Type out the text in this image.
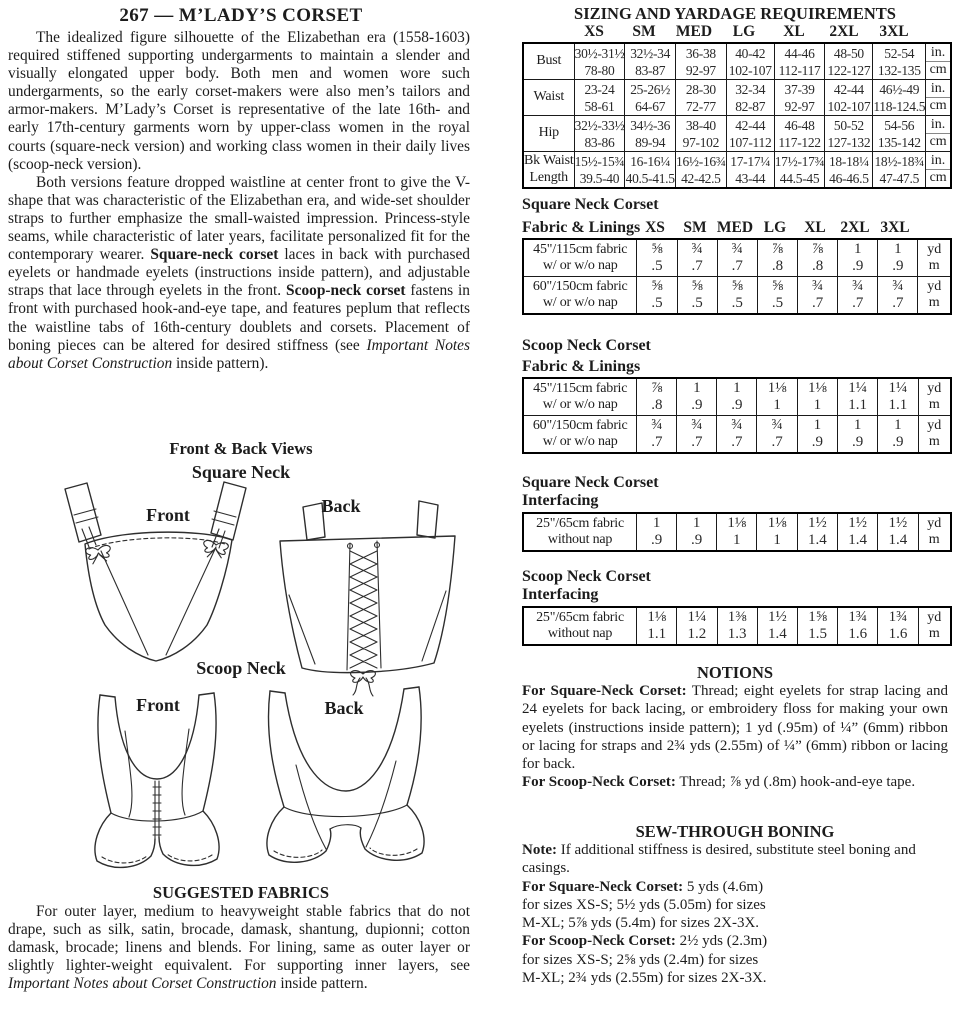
267 — M’LADY’S CORSET

The idealized figure silhouette of the Elizabethan era (1558-1603) required stiffened supporting undergarments to maintain a slender and visually elongated upper body. Both men and women wore such undergarments, so the early corset-makers were also men’s tailors and armor-makers. M’Lady’s Corset is representative of the late 16th- and early 17th-century garments worn by upper-class women in the royal courts (square-neck version) and working class women in their daily lives (scoop-neck version).

Both versions feature dropped waistline at center front to give the V-shape that was characteristic of the Elizabethan era, and wide-set shoulder straps to further emphasize the small-waisted impression. Princess-style seams, while characteristic of later years, facilitate personalized fit for the contemporary wearer. Square-neck corset laces in back with purchased eyelets or handmade eyelets (instructions inside pattern), and adjustable straps that lace through eyelets in the front. Scoop-neck corset fastens in front with purchased hook-and-eye tape, and features peplum that reflects the waistline tabs of 16th-century doublets and corsets. Placement of boning pieces can be altered for desired stiffness (see Important Notes about Corset Construction inside pattern).

Front & Back Views
Square Neck
Front	Back
Scoop Neck
Front	Back
SUGGESTED FABRICS

For outer layer, medium to heavyweight stable fabrics that do not drape, such as silk, satin, brocade, damask, shantung, dupionni; cotton damask, brocade; linens and blends. For lining, same as outer layer or slightly lighter-weight equivalent. For supporting inner layers, see Important Notes about Corset Construction inside pattern.

SIZING AND YARDAGE REQUIREMENTS
XS	SM	MED	LG	XL	2XL	3XL
Bust

30½-31½
78-80

32½-34
83-87

36-38
92-97

40-42
102-107

44-46
112-117

48-50
122-127

52-54
132-135

in.
cm

Waist

23-24
58-61

25-26½
64-67

28-30
72-77

32-34
82-87

37-39
92-97

42-44
102-107

46½-49
118-124.5

in.
cm

Hip

32½-33½
83-86

34½-36
89-94

38-40
97-102

42-44
107-112

46-48
117-122

50-52
127-132

54-56
135-142

in.
cm

Bk Waist
Length

15½-15¾
39.5-40

16-16¼
40.5-41.5

16½-16¾
42-42.5

17-17¼
43-44

17½-17¾
44.5-45

18-18¼
46-46.5

18½-18¾
47-47.5

in.
cm
Square Neck Corset
Fabric & Linings XS	SM MED LG	XL 2XL 3XL
45"/115cm fabric
w/ or w/o nap

⅝
.5

¾
.7

¾
.7

⅞
.8

⅞
.8

1
.9

1
.9

yd
m

60"/150cm fabric
w/ or w/o nap

⅝
.5

⅝
.5

⅝
.5

⅝
.5

¾
.7

¾
.7

¾
.7

yd
m
Scoop Neck Corset
Fabric & Linings
45"/115cm fabric
w/ or w/o nap

⅞
.8

1
.9

1
.9

1⅛
1

1⅛
1

1¼
1.1

1¼
1.1

yd
m

60"/150cm fabric
w/ or w/o nap

¾
.7

¾
.7

¾
.7

¾
.7

1
.9

1
.9

1
.9

yd
m
Square Neck Corset
Interfacing
25"/65cm fabric
without nap

1
.9

1
.9

1⅛
1

1⅛
1

1½
1.4

1½
1.4

1½
1.4

yd
m
Scoop Neck Corset
Interfacing
25"/65cm fabric
without nap

1⅛
1.1

1¼
1.2

1⅜
1.3

1½
1.4

1⅝
1.5

1¾
1.6

1¾
1.6

yd
m
NOTIONS

For Square-Neck Corset: Thread; eight eyelets for strap lacing and 24 eyelets for back lacing, or embroidery floss for making your own eyelets (instructions inside pattern); 1 yd (.95m) of ¼” (6mm) ribbon or lacing for straps and 2¾ yds (2.55m) of ¼” (6mm) ribbon or lacing for back.

For Scoop-Neck Corset: Thread; ⅞ yd (.8m) hook-and-eye tape.

SEW-THROUGH BONING

Note: If additional stiffness is desired, substitute steel boning and casings.

For Square-Neck Corset: 5 yds (4.6m)
for sizes XS-S; 5½ yds (5.05m) for sizes
M-XL; 5⅞ yds (5.4m) for sizes 2X-3X.

For Scoop-Neck Corset: 2½ yds (2.3m)
for sizes XS-S; 2⅝ yds (2.4m) for sizes
M-XL; 2¾ yds (2.55m) for sizes 2X-3X.
